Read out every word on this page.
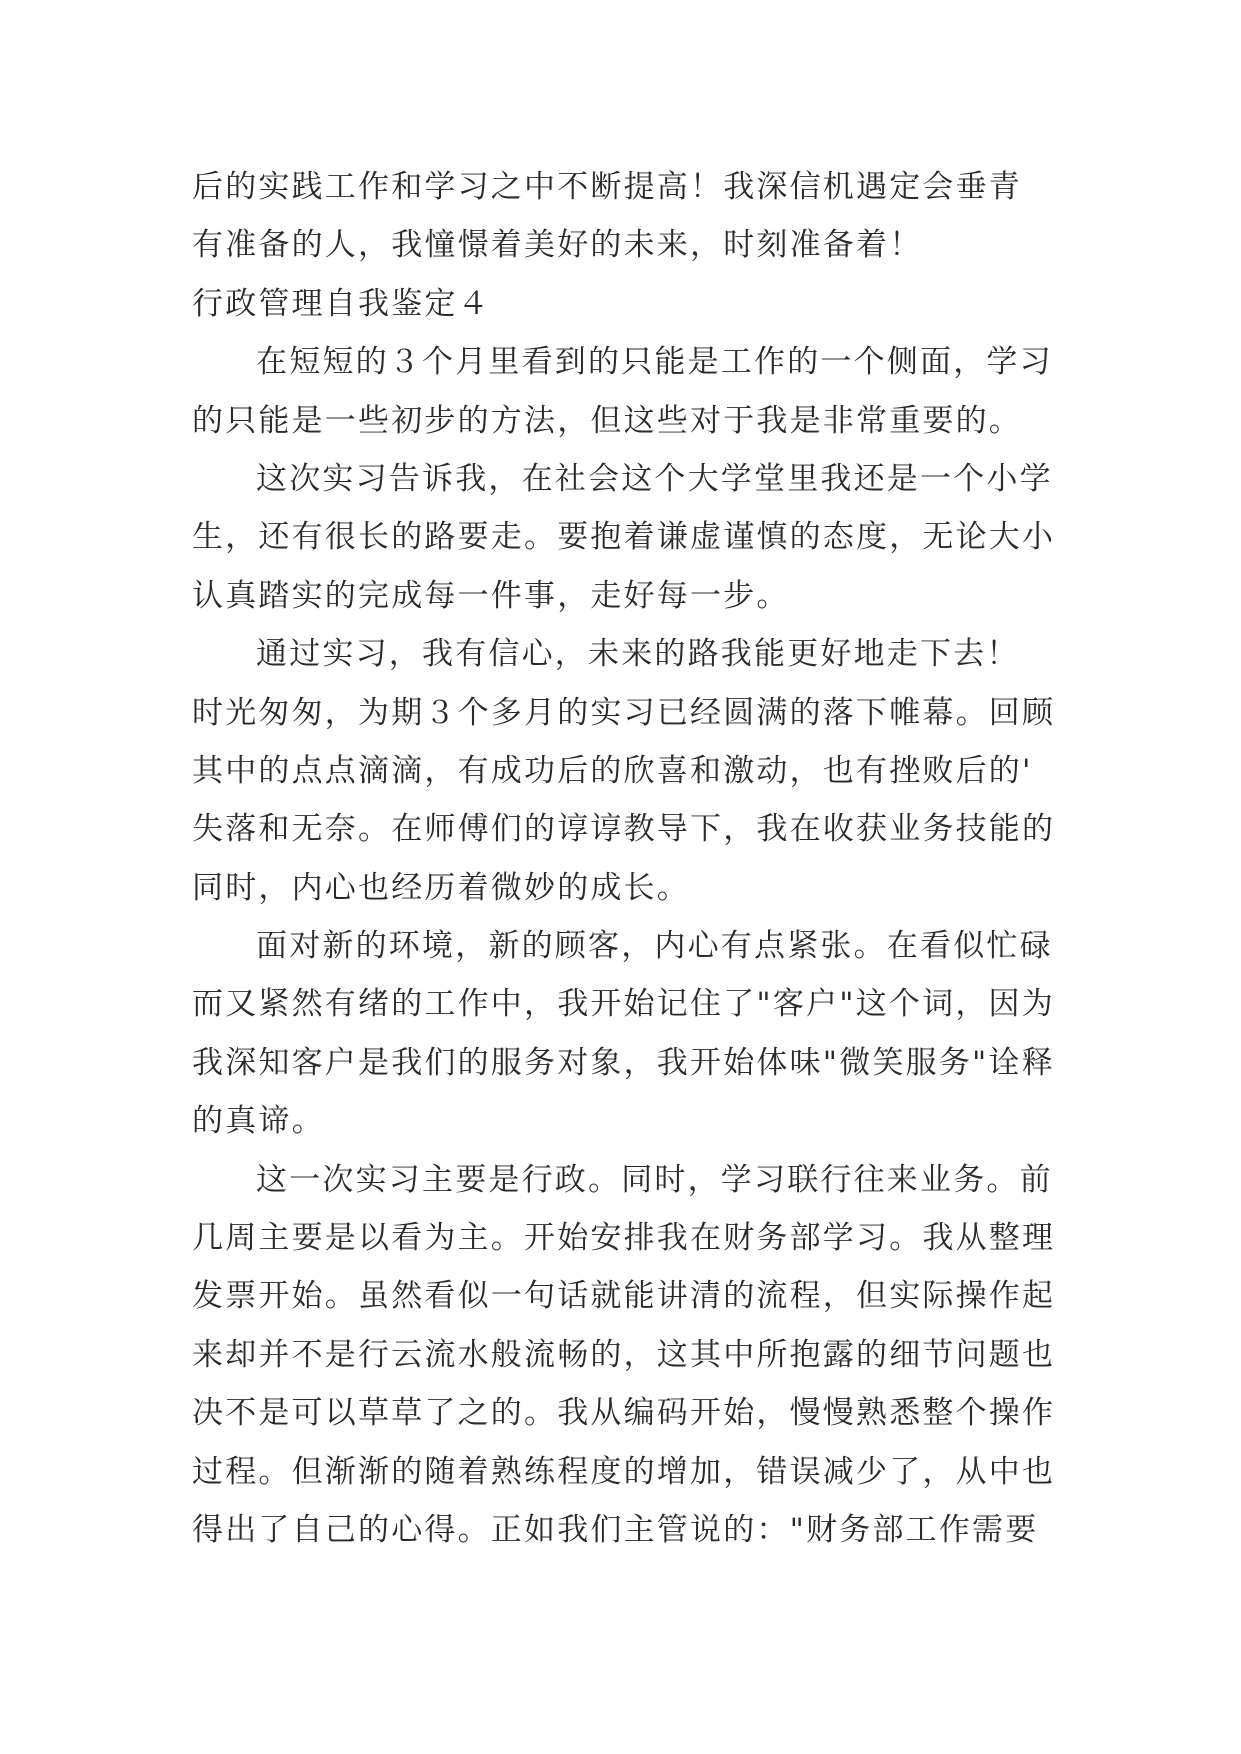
后的实践工作和学习之中不断提高！我深信机遇定会垂青
有准备的人，我憧憬着美好的未来，时刻准备着！
行政管理自我鉴定４
在短短的３个月里看到的只能是工作的一个侧面，学习
的只能是一些初步的方法，但这些对于我是非常重要的。
这次实习告诉我，在社会这个大学堂里我还是一个小学
生，还有很长的路要走。要抱着谦虚谨慎的态度，无论大小
认真踏实的完成每一件事，走好每一步。
通过实习，我有信心，未来的路我能更好地走下去！
时光匆匆，为期３个多月的实习已经圆满的落下帷幕。回顾
其中的点点滴滴，有成功后的欣喜和激动，也有挫败后的'
失落和无奈。在师傅们的谆谆教导下，我在收获业务技能的
同时，内心也经历着微妙的成长。
面对新的环境，新的顾客，内心有点紧张。在看似忙碌
而又紧然有绪的工作中，我开始记住了"客户"这个词，因为
我深知客户是我们的服务对象，我开始体味"微笑服务"诠释
的真谛。
这一次实习主要是行政。同时，学习联行往来业务。前
几周主要是以看为主。开始安排我在财务部学习。我从整理
发票开始。虽然看似一句话就能讲清的流程，但实际操作起
来却并不是行云流水般流畅的，这其中所抱露的细节问题也
决不是可以草草了之的。我从编码开始，慢慢熟悉整个操作
过程。但渐渐的随着熟练程度的增加，错误减少了，从中也
得出了自己的心得。正如我们主管说的："财务部工作需要
